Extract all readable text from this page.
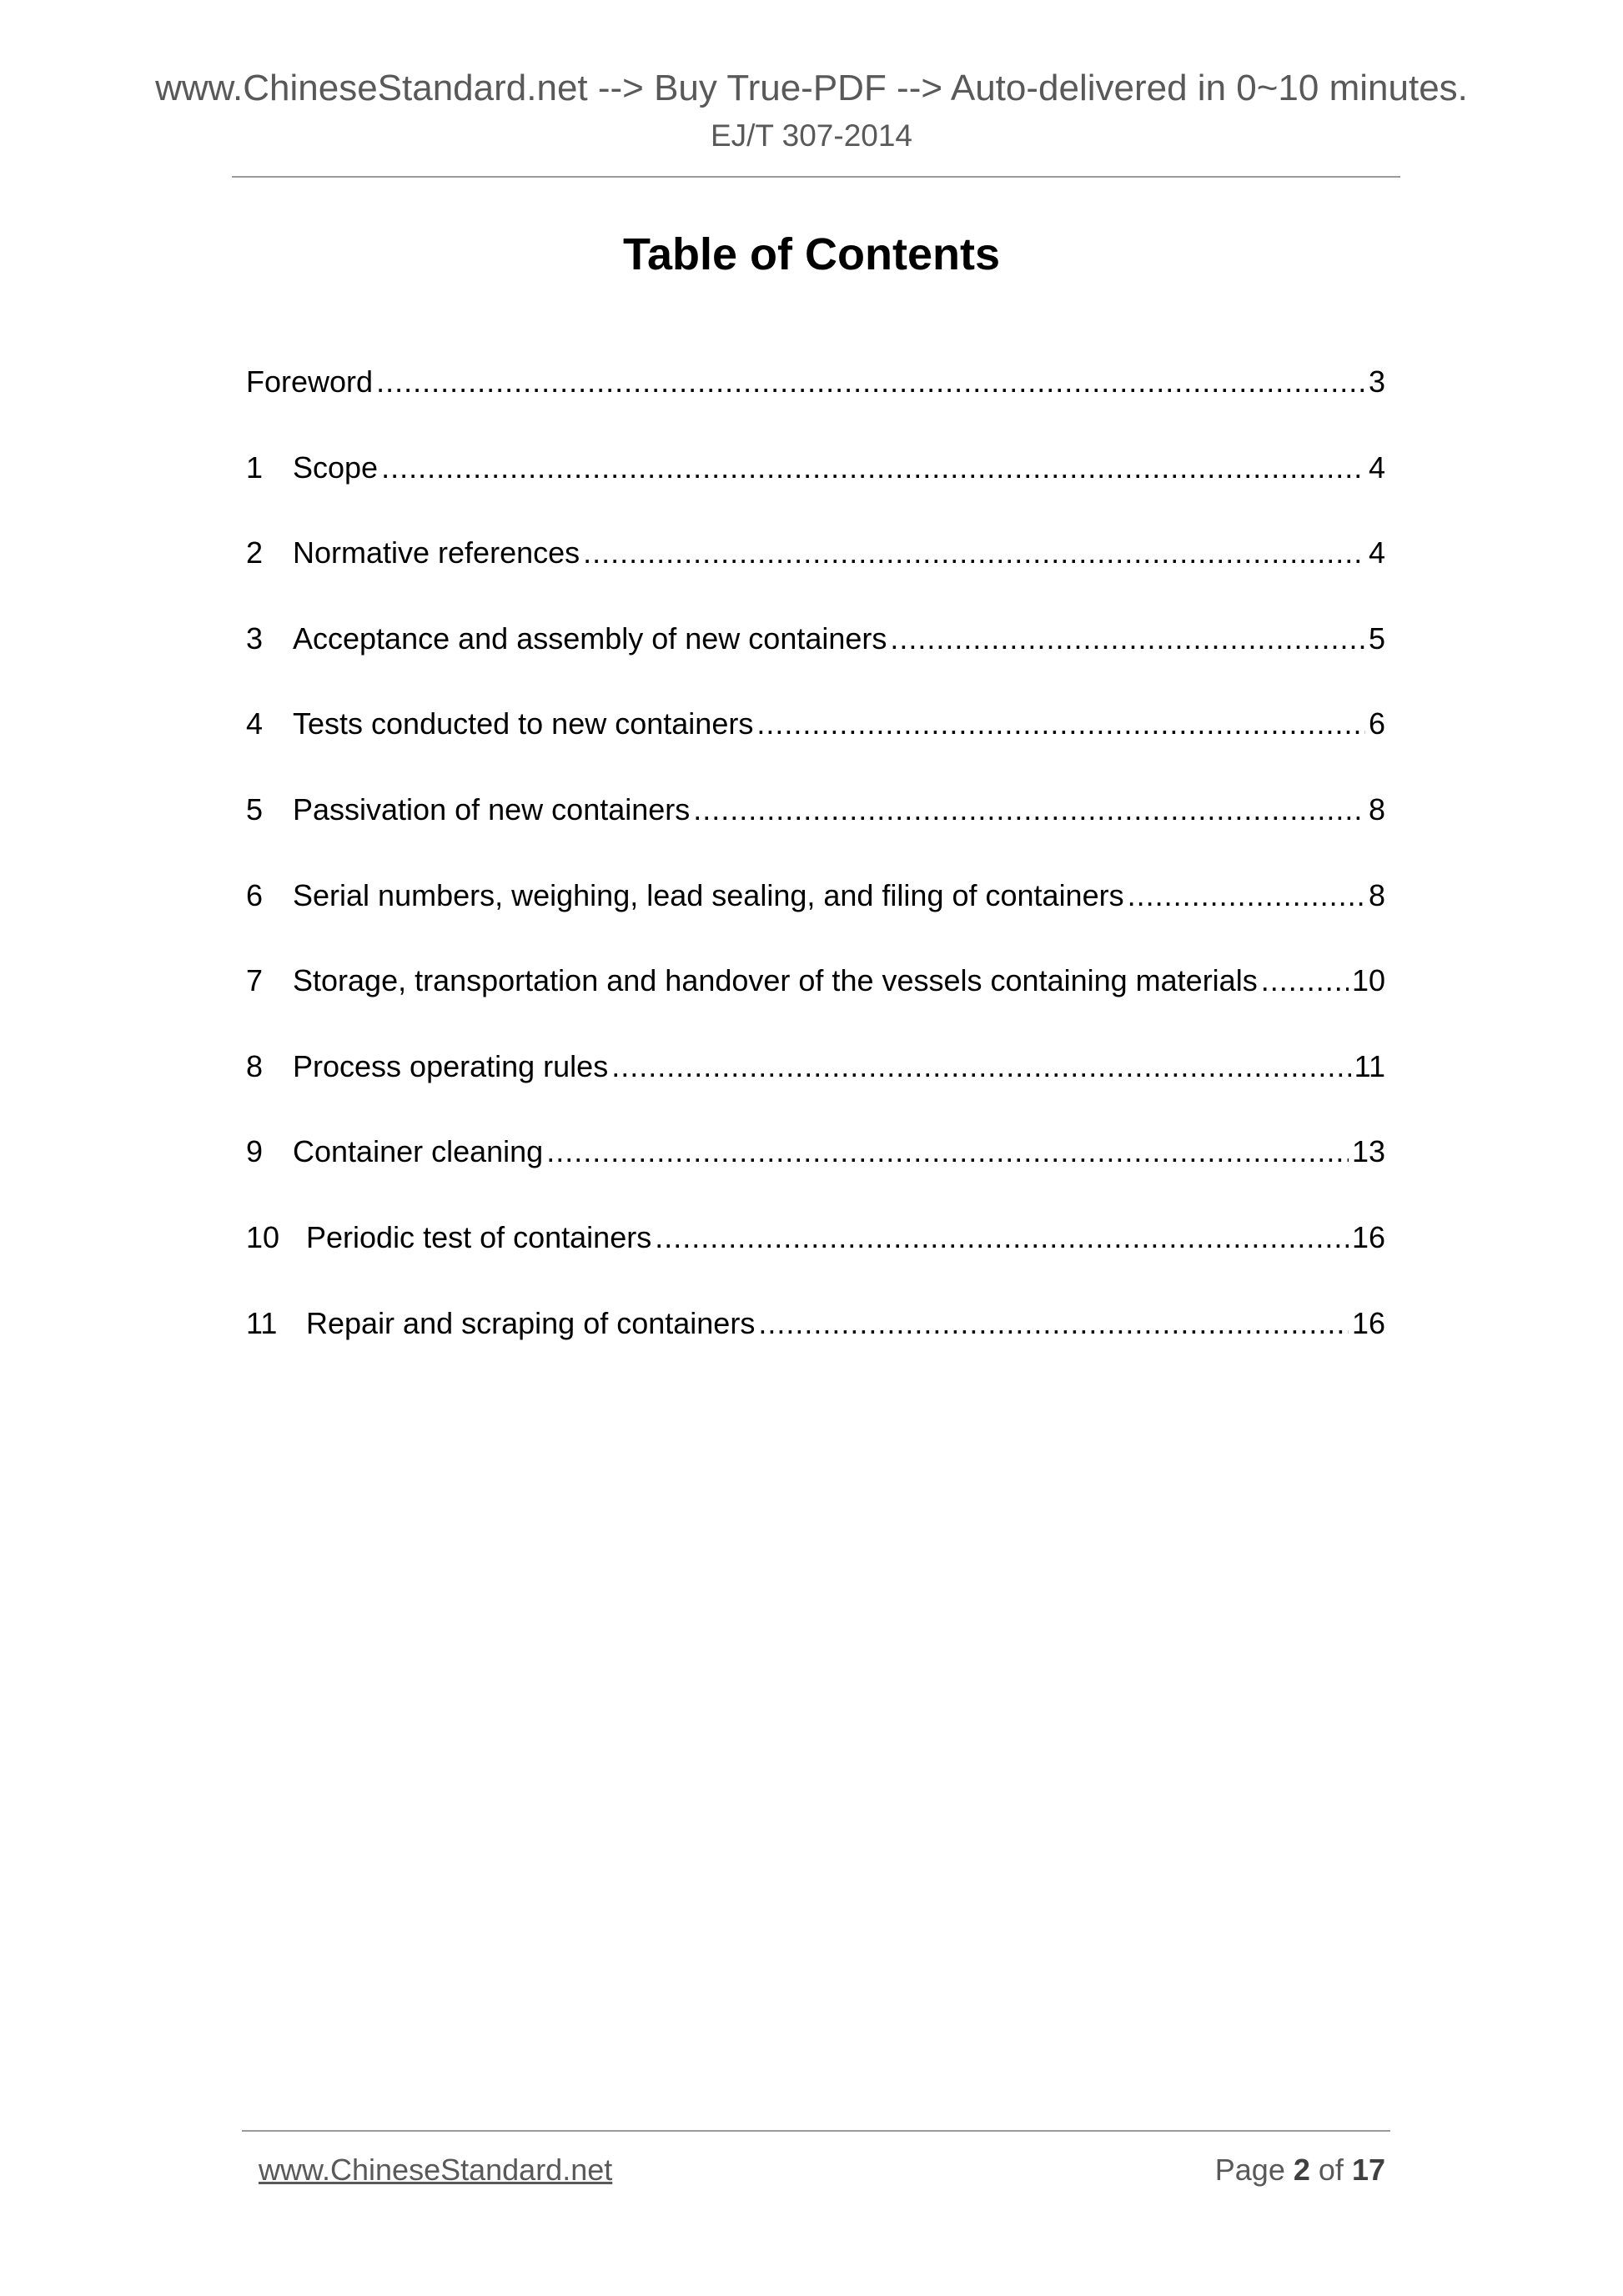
www.ChineseStandard.net --> Buy True-PDF --> Auto-delivered in 0~10 minutes.
EJ/T 307-2014
Table of Contents
Foreword .....	3
1 Scope .....	4
2 Normative references .....	4
3 Acceptance and assembly of new containers .....	5
4 Tests conducted to new containers .....	6
5 Passivation of new containers .....	8
6 Serial numbers, weighing, lead sealing, and filing of containers .....	8
7 Storage, transportation and handover of the vessels containing materials .....	10
8 Process operating rules .....	11
9 Container cleaning .....	13
10 Periodic test of containers .....	16
11 Repair and scraping of containers .....	16
www.ChineseStandard.net	Page 2 of 17
